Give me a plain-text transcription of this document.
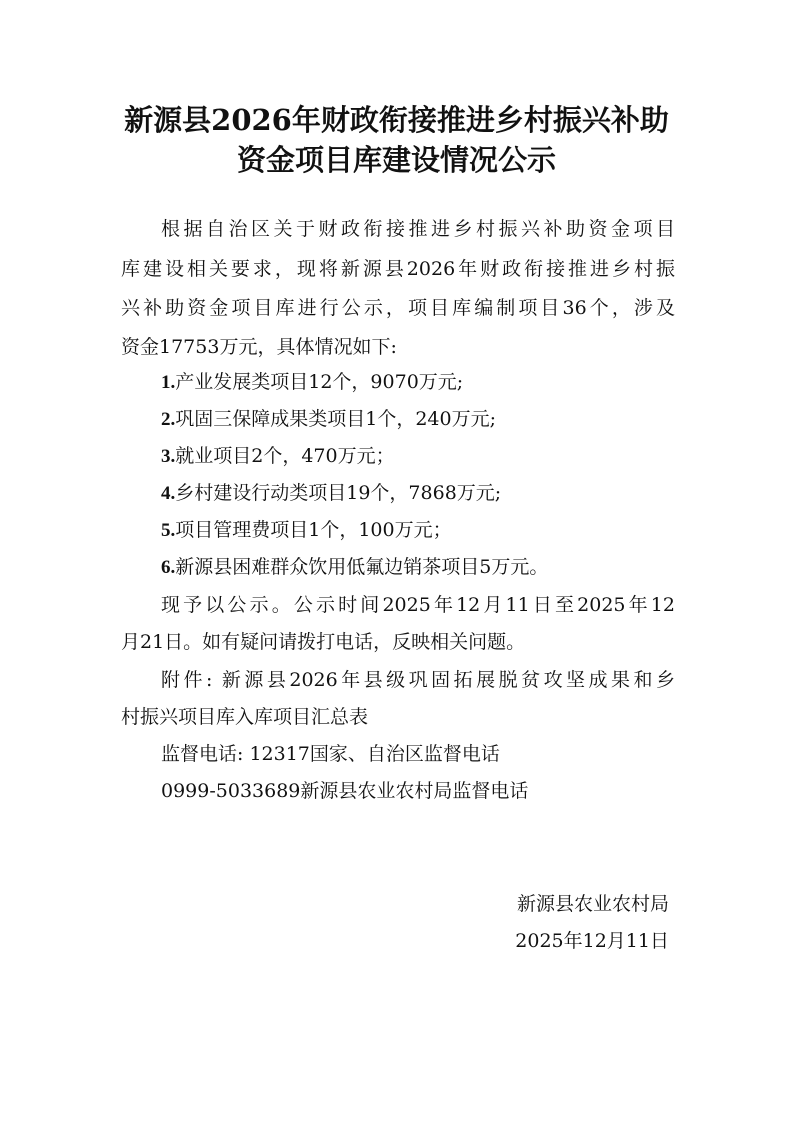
新源县2026年财政衔接推进乡村振兴补助
资金项目库建设情况公示
根据自治区关于财政衔接推进乡村振兴补助资金项目
库建设相关要求，现将新源县2026年财政衔接推进乡村振
兴补助资金项目库进行公示，项目库编制项目36个，涉及
资金17753万元，具体情况如下:
1.产业发展类项目12个，9070万元;
2.巩固三保障成果类项目1个，240万元;
3.就业项目2个，470万元；
4.乡村建设行动类项目19个，7868万元;
5.项目管理费项目1个，100万元；
6.新源县困难群众饮用低氟边销茶项目5万元。
现予以公示。公示时间2025年12月11日至2025年12
月21日。如有疑问请拨打电话，反映相关问题。
附件: 新源县2026年县级巩固拓展脱贫攻坚成果和乡
村振兴项目库入库项目汇总表
监督电话: 12317国家、自治区监督电话
0999-5033689新源县农业农村局监督电话
新源县农业农村局
2025年12月11日
